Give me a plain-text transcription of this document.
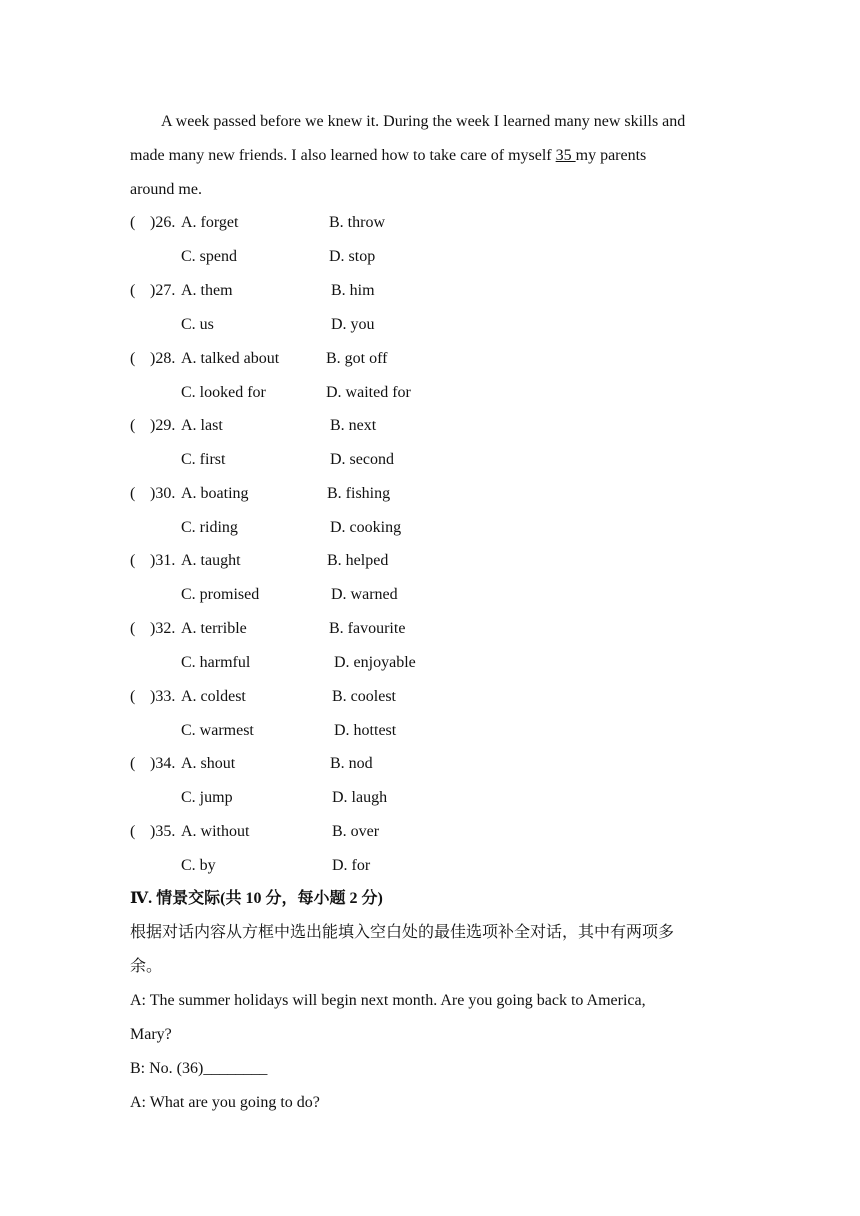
A week passed before we knew it. During the week I learned many new skills and
made many new friends. I also learned how to take care of myself 35 my parents
around me.
( )26. A. forget	B. throw
C. spend	D. stop
( )27. A. them	B. him
C. us	D. you
( )28. A. talked about	B. got off
C. looked for	D. waited for
( )29. A. last	B. next
C. first	D. second
( )30. A. boating	B. fishing
C. riding	D. cooking
( )31. A. taught	B. helped
C. promised	D. warned
( )32. A. terrible	B. favourite
C. harmful	D. enjoyable
( )33. A. coldest	B. coolest
C. warmest	D. hottest
( )34. A. shout	B. nod
C. jump	D. laugh
( )35. A. without	B. over
C. by	D. for
Ⅳ. 情景交际(共 10 分，每小题 2 分)
根据对话内容从方框中选出能填入空白处的最佳选项补全对话，其中有两项多
余。
A: The summer holidays will begin next month. Are you going back to America,
Mary?
B: No. (36)________
A: What are you going to do?
